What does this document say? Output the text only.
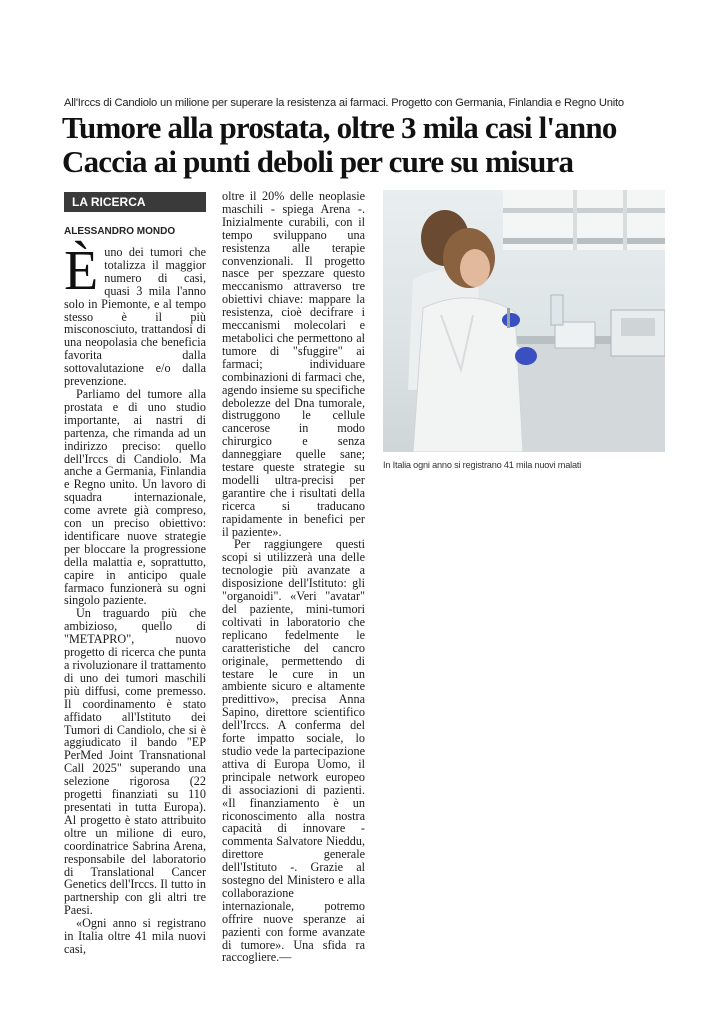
All'Irccs di Candiolo un milione per superare la resistenza ai farmaci. Progetto con Germania, Finlandia e Regno Unito
Tumore alla prostata, oltre 3 mila casi l'anno
Caccia ai punti deboli per cure su misura
LA RICERCA
ALESSANDRO MONDO

Èuno dei tumori che totalizza il maggior numero di casi, quasi 3 mila l'anno solo in Piemonte, e al tempo stesso è il più misconosciuto, trattandosi di una neopolasia che beneficia favorita dalla sottovalutazione e/o dalla prevenzione.

Parliamo del tumore alla prostata e di uno studio importante, ai nastri di partenza, che rimanda ad un indirizzo preciso: quello dell'Irccs di Candiolo. Ma anche a Germania, Finlandia e Regno unito. Un lavoro di squadra internazionale, come avrete già compreso, con un preciso obiettivo: identificare nuove strategie per bloccare la progressione della malattia e, soprattutto, capire in anticipo quale farmaco funzionerà su ogni singolo paziente.

Un traguardo più che ambizioso, quello di "METAPRO", nuovo progetto di ricerca che punta a rivoluzionare il trattamento di uno dei tumori maschili più diffusi, come premesso. Il coordinamento è stato affidato all'Istituto dei Tumori di Candiolo, che si è aggiudicato il bando "EP PerMed Joint Transnational Call 2025" superando una selezione rigorosa (22 progetti finanziati su 110 presentati in tutta Europa). Al progetto è stato attribuito oltre un milione di euro, coordinatrice Sabrina Arena, responsabile del laboratorio di Translational Cancer Genetics dell'Irccs. Il tutto in partnership con gli altri tre Paesi.

«Ogni anno si registrano in Italia oltre 41 mila nuovi casi,

oltre il 20% delle neoplasie maschili - spiega Arena -. Inizialmente curabili, con il tempo sviluppano una resistenza alle terapie convenzionali. Il progetto nasce per spezzare questo meccanismo attraverso tre obiettivi chiave: mappare la resistenza, cioè decifrare i meccanismi molecolari e metabolici che permettono al tumore di "sfuggire" ai farmaci; individuare combinazioni di farmaci che, agendo insieme su specifiche debolezze del Dna tumorale, distruggono le cellule cancerose in modo chirurgico e senza danneggiare quelle sane; testare queste strategie su modelli ultra-precisi per garantire che i risultati della ricerca si traducano rapidamente in benefici per il paziente».

Per raggiungere questi scopi si utilizzerà una delle tecnologie più avanzate a disposizione dell'Istituto: gli "organoidi". «Veri "avatar" del paziente, mini-tumori coltivati in laboratorio che replicano fedelmente le caratteristiche del cancro originale, permettendo di testare le cure in un ambiente sicuro e altamente predittivo», precisa Anna Sapino, direttore scientifico dell'Irccs. A conferma del forte impatto sociale, lo studio vede la partecipazione attiva di Europa Uomo, il principale network europeo di associazioni di pazienti. «Il finanziamento è un riconoscimento alla nostra capacità di innovare - commenta Salvatore Nieddu, direttore generale dell'Istituto -. Grazie al sostegno del Ministero e alla collaborazione internazionale, potremo offrire nuove speranze ai pazienti con forme avanzate di tumore». Una sfida ra raccogliere.—

In Italia ogni anno si registrano 41 mila nuovi malati
